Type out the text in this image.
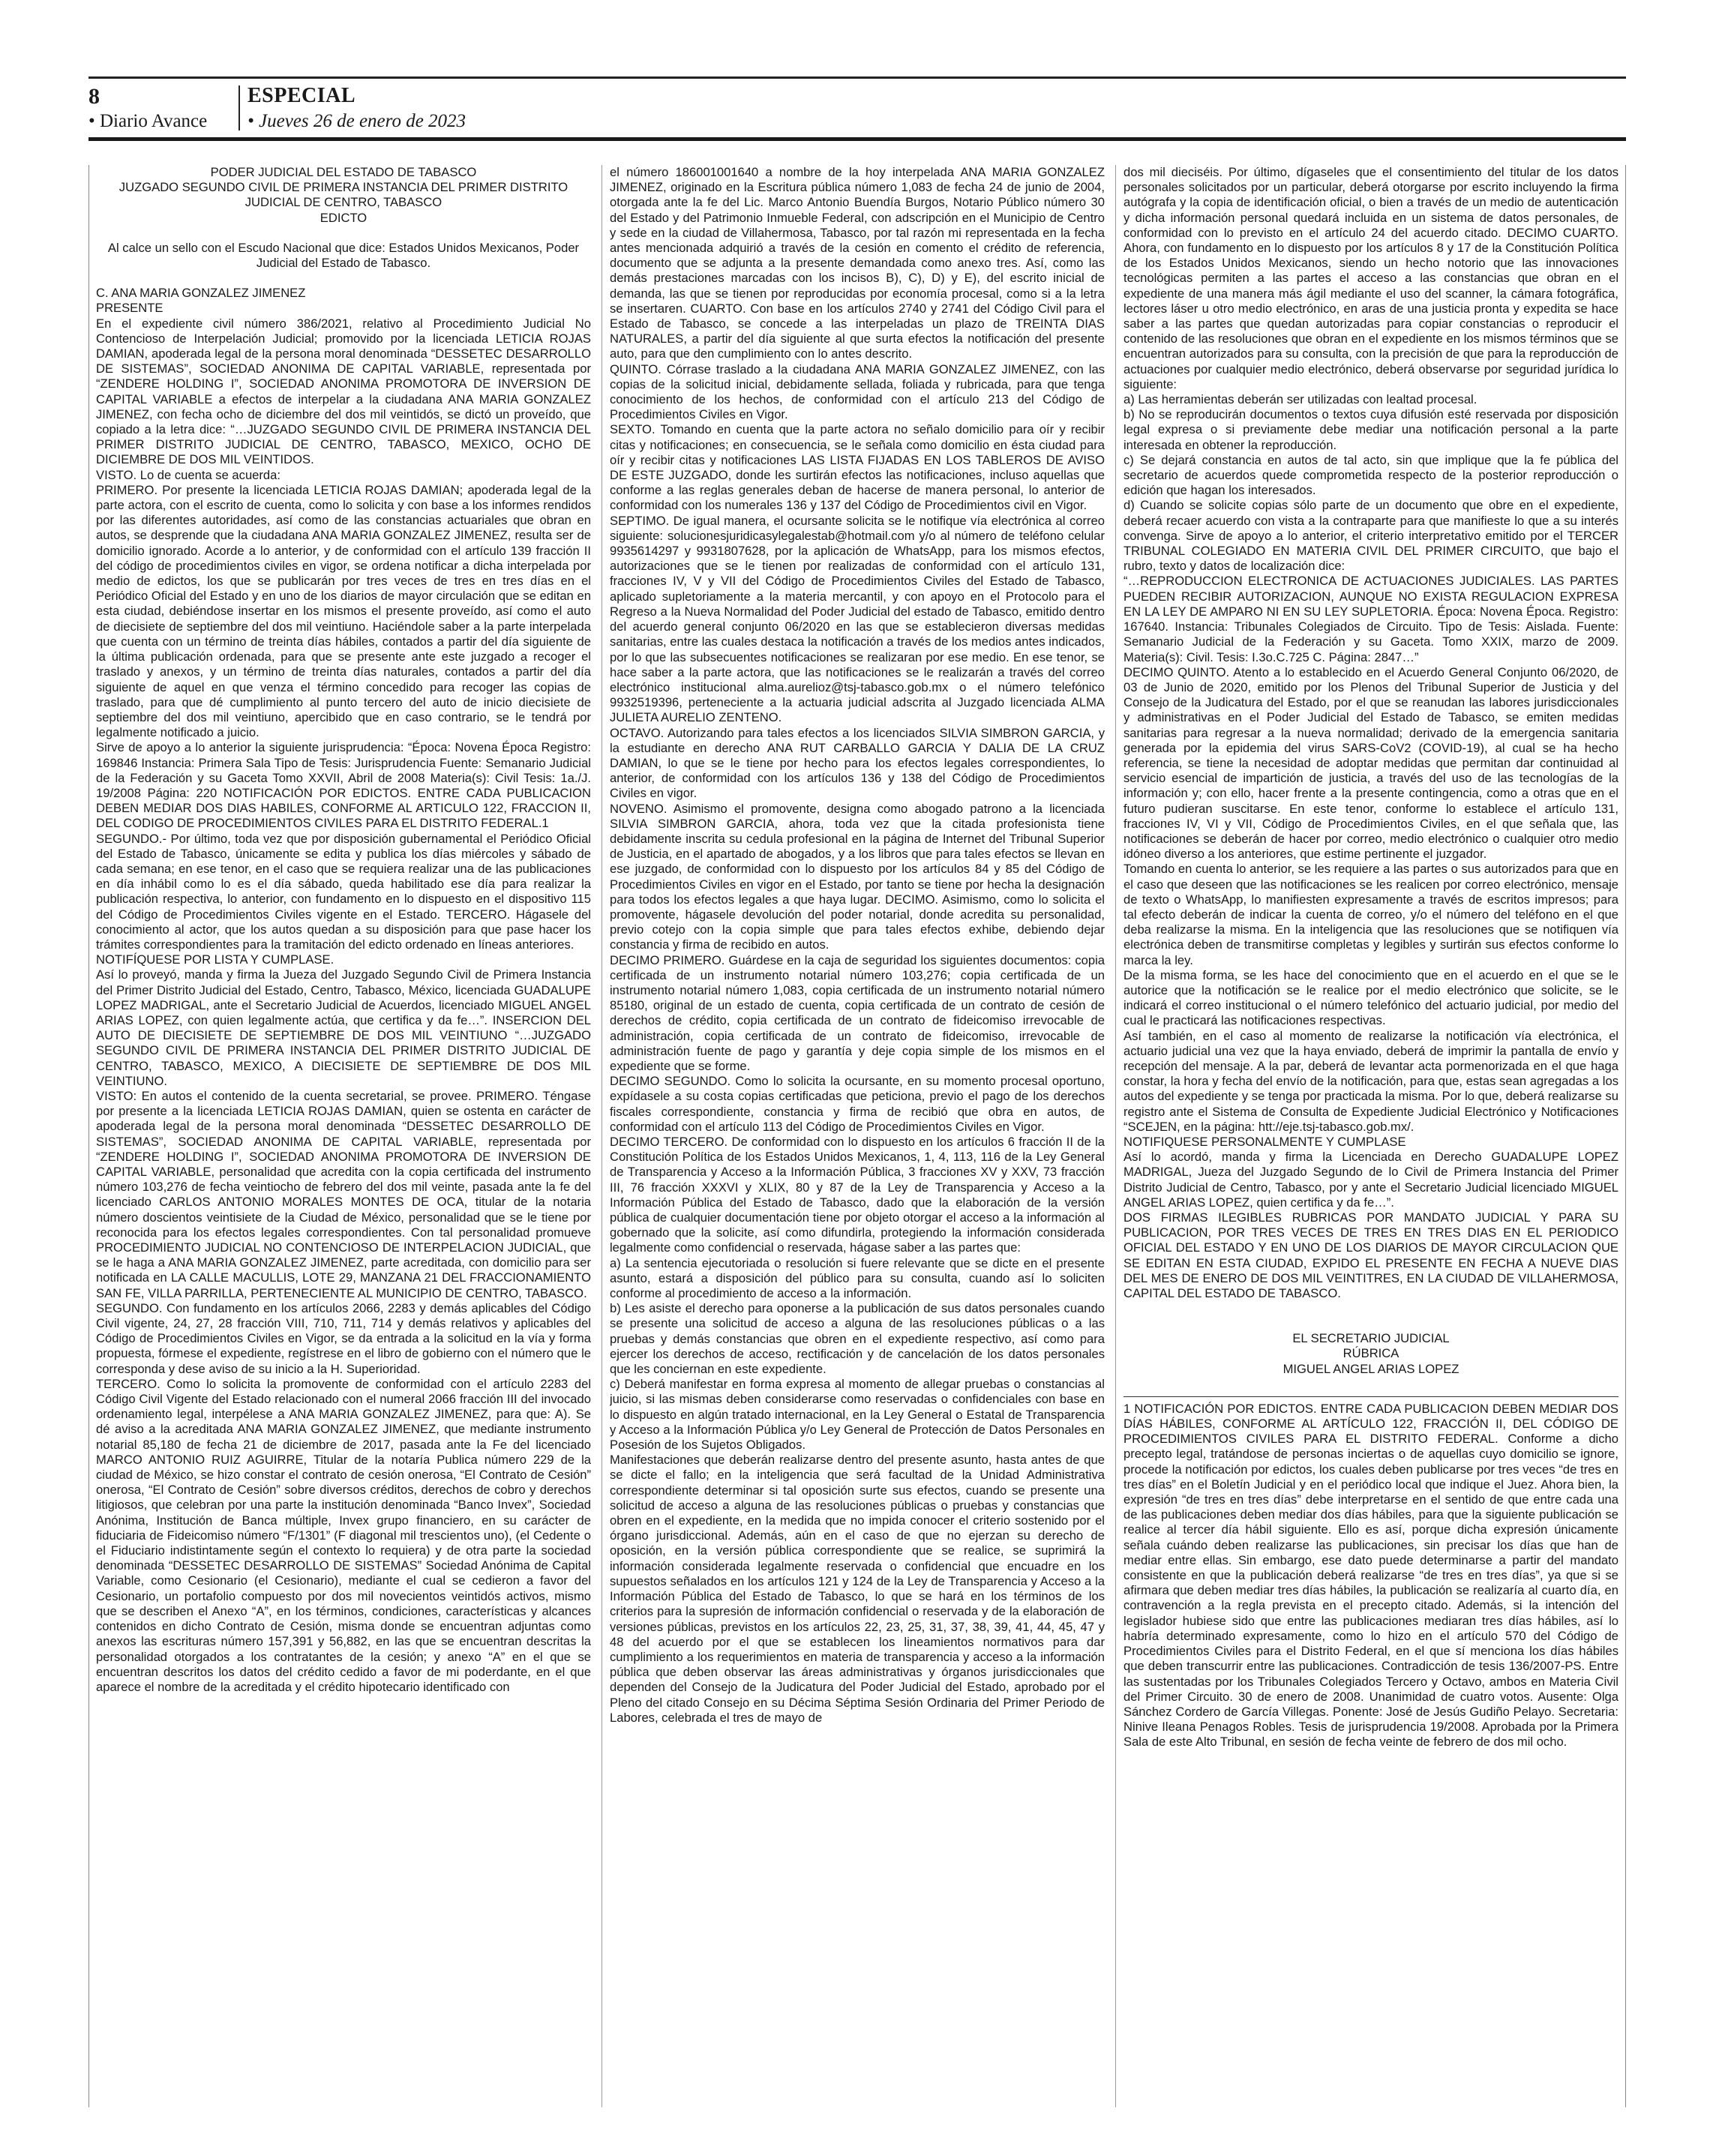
8
• Diario Avance
ESPECIAL
• Jueves 26 de enero de 2023

PODER JUDICIAL DEL ESTADO DE TABASCO

JUZGADO SEGUNDO CIVIL DE PRIMERA INSTANCIA DEL PRIMER DISTRITO JUDICIAL DE CENTRO, TABASCO

EDICTO

Al calce un sello con el Escudo Nacional que dice: Estados Unidos Mexicanos, Poder Judicial del Estado de Tabasco.

C. ANA MARIA GONZALEZ JIMENEZ

PRESENTE

En el expediente civil número 386/2021, relativo al Procedimiento Judicial No Contencioso de Interpelación Judicial; promovido por la licenciada LETICIA ROJAS DAMIAN, apoderada legal de la persona moral denominada “DESSETEC DESARROLLO DE SISTEMAS”, SOCIEDAD ANONIMA DE CAPITAL VARIABLE, representada por “ZENDERE HOLDING I”, SOCIEDAD ANONIMA PROMOTORA DE INVERSION DE CAPITAL VARIABLE a efectos de interpelar a la ciudadana ANA MARIA GONZALEZ JIMENEZ, con fecha ocho de diciembre del dos mil veintidós, se dictó un proveído, que copiado a la letra dice: “…JUZGADO SEGUNDO CIVIL DE PRIMERA INSTANCIA DEL PRIMER DISTRITO JUDICIAL DE CENTRO, TABASCO, MEXICO, OCHO DE DICIEMBRE DE DOS MIL VEINTIDOS.

VISTO. Lo de cuenta se acuerda:

PRIMERO. Por presente la licenciada LETICIA ROJAS DAMIAN; apoderada legal de la parte actora, con el escrito de cuenta, como lo solicita y con base a los informes rendidos por las diferentes autoridades, así como de las constancias actuariales que obran en autos, se desprende que la ciudadana ANA MARIA GONZALEZ JIMENEZ, resulta ser de domicilio ignorado. Acorde a lo anterior, y de conformidad con el artículo 139 fracción II del código de procedimientos civiles en vigor, se ordena notificar a dicha interpelada por medio de edictos, los que se publicarán por tres veces de tres en tres días en el Periódico Oficial del Estado y en uno de los diarios de mayor circulación que se editan en esta ciudad, debiéndose insertar en los mismos el presente proveído, así como el auto de diecisiete de septiembre del dos mil veintiuno. Haciéndole saber a la parte interpelada que cuenta con un término de treinta días hábiles, contados a partir del día siguiente de la última publicación ordenada, para que se presente ante este juzgado a recoger el traslado y anexos, y un término de treinta días naturales, contados a partir del día siguiente de aquel en que venza el término concedido para recoger las copias de traslado, para que dé cumplimiento al punto tercero del auto de inicio diecisiete de septiembre del dos mil veintiuno, apercibido que en caso contrario, se le tendrá por legalmente notificado a juicio.

Sirve de apoyo a lo anterior la siguiente jurisprudencia: “Época: Novena Época Registro: 169846 Instancia: Primera Sala Tipo de Tesis: Jurisprudencia Fuente: Semanario Judicial de la Federación y su Gaceta Tomo XXVII, Abril de 2008 Materia(s): Civil Tesis: 1a./J. 19/2008 Página: 220 NOTIFICACIÓN POR EDICTOS. ENTRE CADA PUBLICACION DEBEN MEDIAR DOS DIAS HABILES, CONFORME AL ARTICULO 122, FRACCION II, DEL CODIGO DE PROCEDIMIENTOS CIVILES PARA EL DISTRITO FEDERAL.1

SEGUNDO.- Por último, toda vez que por disposición gubernamental el Periódico Oficial del Estado de Tabasco, únicamente se edita y publica los días miércoles y sábado de cada semana; en ese tenor, en el caso que se requiera realizar una de las publicaciones en día inhábil como lo es el día sábado, queda habilitado ese día para realizar la publicación respectiva, lo anterior, con fundamento en lo dispuesto en el dispositivo 115 del Código de Procedimientos Civiles vigente en el Estado. TERCERO. Hágasele del conocimiento al actor, que los autos quedan a su disposición para que pase hacer los trámites correspondientes para la tramitación del edicto ordenado en líneas anteriores.

NOTIFÍQUESE POR LISTA Y CUMPLASE.

Así lo proveyó, manda y firma la Jueza del Juzgado Segundo Civil de Primera Instancia del Primer Distrito Judicial del Estado, Centro, Tabasco, México, licenciada GUADALUPE LOPEZ MADRIGAL, ante el Secretario Judicial de Acuerdos, licenciado MIGUEL ANGEL ARIAS LOPEZ, con quien legalmente actúa, que certifica y da fe…”. INSERCION DEL AUTO DE DIECISIETE DE SEPTIEMBRE DE DOS MIL VEINTIUNO “…JUZGADO SEGUNDO CIVIL DE PRIMERA INSTANCIA DEL PRIMER DISTRITO JUDICIAL DE CENTRO, TABASCO, MEXICO, A DIECISIETE DE SEPTIEMBRE DE DOS MIL VEINTIUNO.

VISTO: En autos el contenido de la cuenta secretarial, se provee. PRIMERO. Téngase por presente a la licenciada LETICIA ROJAS DAMIAN, quien se ostenta en carácter de apoderada legal de la persona moral denominada “DESSETEC DESARROLLO DE SISTEMAS”, SOCIEDAD ANONIMA DE CAPITAL VARIABLE, representada por “ZENDERE HOLDING I”, SOCIEDAD ANONIMA PROMOTORA DE INVERSION DE CAPITAL VARIABLE, personalidad que acredita con la copia certificada del instrumento número 103,276 de fecha veintiocho de febrero del dos mil veinte, pasada ante la fe del licenciado CARLOS ANTONIO MORALES MONTES DE OCA, titular de la notaria número doscientos veintisiete de la Ciudad de México, personalidad que se le tiene por reconocida para los efectos legales correspondientes. Con tal personalidad promueve PROCEDIMIENTO JUDICIAL NO CONTENCIOSO DE INTERPELACION JUDICIAL, que se le haga a ANA MARIA GONZALEZ JIMENEZ, parte acreditada, con domicilio para ser notificada en LA CALLE MACULLIS, LOTE 29, MANZANA 21 DEL FRACCIONAMIENTO SAN FE, VILLA PARRILLA, PERTENECIENTE AL MUNICIPIO DE CENTRO, TABASCO.

SEGUNDO. Con fundamento en los artículos 2066, 2283 y demás aplicables del Código Civil vigente, 24, 27, 28 fracción VIII, 710, 711, 714 y demás relativos y aplicables del Código de Procedimientos Civiles en Vigor, se da entrada a la solicitud en la vía y forma propuesta, fórmese el expediente, regístrese en el libro de gobierno con el número que le corresponda y dese aviso de su inicio a la H. Superioridad.

TERCERO. Como lo solicita la promovente de conformidad con el artículo 2283 del Código Civil Vigente del Estado relacionado con el numeral 2066 fracción III del invocado ordenamiento legal, interpélese a ANA MARIA GONZALEZ JIMENEZ, para que: A). Se dé aviso a la acreditada ANA MARIA GONZALEZ JIMENEZ, que mediante instrumento notarial 85,180 de fecha 21 de diciembre de 2017, pasada ante la Fe del licenciado MARCO ANTONIO RUIZ AGUIRRE, Titular de la notaría Publica número 229 de la ciudad de México, se hizo constar el contrato de cesión onerosa, “El Contrato de Cesión” onerosa, “El Contrato de Cesión” sobre diversos créditos, derechos de cobro y derechos litigiosos, que celebran por una parte la institución denominada “Banco Invex”, Sociedad Anónima, Institución de Banca múltiple, Invex grupo financiero, en su carácter de fiduciaria de Fideicomiso número “F/1301” (F diagonal mil trescientos uno), (el Cedente o el Fiduciario indistintamente según el contexto lo requiera) y de otra parte la sociedad denominada “DESSETEC DESARROLLO DE SISTEMAS” Sociedad Anónima de Capital Variable, como Cesionario (el Cesionario), mediante el cual se cedieron a favor del Cesionario, un portafolio compuesto por dos mil novecientos veintidós activos, mismo que se describen el Anexo “A”, en los términos, condiciones, características y alcances contenidos en dicho Contrato de Cesión, misma donde se encuentran adjuntas como anexos las escrituras número 157,391 y 56,882, en las que se encuentran descritas la personalidad otorgados a los contratantes de la cesión; y anexo “A” en el que se encuentran descritos los datos del crédito cedido a favor de mi poderdante, en el que aparece el nombre de la acreditada y el crédito hipotecario identificado con

el número 186001001640 a nombre de la hoy interpelada ANA MARIA GONZALEZ JIMENEZ, originado en la Escritura pública número 1,083 de fecha 24 de junio de 2004, otorgada ante la fe del Lic. Marco Antonio Buendía Burgos, Notario Público número 30 del Estado y del Patrimonio Inmueble Federal, con adscripción en el Municipio de Centro y sede en la ciudad de Villahermosa, Tabasco, por tal razón mi representada en la fecha antes mencionada adquirió a través de la cesión en comento el crédito de referencia, documento que se adjunta a la presente demandada como anexo tres. Así, como las demás prestaciones marcadas con los incisos B), C), D) y E), del escrito inicial de demanda, las que se tienen por reproducidas por economía procesal, como si a la letra se insertaren. CUARTO. Con base en los artículos 2740 y 2741 del Código Civil para el Estado de Tabasco, se concede a las interpeladas un plazo de TREINTA DIAS NATURALES, a partir del día siguiente al que surta efectos la notificación del presente auto, para que den cumplimiento con lo antes descrito.

QUINTO. Córrase traslado a la ciudadana ANA MARIA GONZALEZ JIMENEZ, con las copias de la solicitud inicial, debidamente sellada, foliada y rubricada, para que tenga conocimiento de los hechos, de conformidad con el artículo 213 del Código de Procedimientos Civiles en Vigor.

SEXTO. Tomando en cuenta que la parte actora no señalo domicilio para oír y recibir citas y notificaciones; en consecuencia, se le señala como domicilio en ésta ciudad para oír y recibir citas y notificaciones LAS LISTA FIJADAS EN LOS TABLEROS DE AVISO DE ESTE JUZGADO, donde les surtirán efectos las notificaciones, incluso aquellas que conforme a las reglas generales deban de hacerse de manera personal, lo anterior de conformidad con los numerales 136 y 137 del Código de Procedimientos civil en Vigor.

SEPTIMO. De igual manera, el ocursante solicita se le notifique vía electrónica al correo siguiente: solucionesjuridicasylegalestab@hotmail.com y/o al número de teléfono celular 9935614297 y 9931807628, por la aplicación de WhatsApp, para los mismos efectos, autorizaciones que se le tienen por realizadas de conformidad con el artículo 131, fracciones IV, V y VII del Código de Procedimientos Civiles del Estado de Tabasco, aplicado supletoriamente a la materia mercantil, y con apoyo en el Protocolo para el Regreso a la Nueva Normalidad del Poder Judicial del estado de Tabasco, emitido dentro del acuerdo general conjunto 06/2020 en las que se establecieron diversas medidas sanitarias, entre las cuales destaca la notificación a través de los medios antes indicados, por lo que las subsecuentes notificaciones se realizaran por ese medio. En ese tenor, se hace saber a la parte actora, que las notificaciones se le realizarán a través del correo electrónico institucional alma.aurelioz@tsj-tabasco.gob.mx o el número telefónico 9932519396, perteneciente a la actuaria judicial adscrita al Juzgado licenciada ALMA JULIETA AURELIO ZENTENO.

OCTAVO. Autorizando para tales efectos a los licenciados SILVIA SIMBRON GARCIA, y la estudiante en derecho ANA RUT CARBALLO GARCIA Y DALIA DE LA CRUZ DAMIAN, lo que se le tiene por hecho para los efectos legales correspondientes, lo anterior, de conformidad con los artículos 136 y 138 del Código de Procedimientos Civiles en vigor.

NOVENO. Asimismo el promovente, designa como abogado patrono a la licenciada SILVIA SIMBRON GARCIA, ahora, toda vez que la citada profesionista tiene debidamente inscrita su cedula profesional en la página de Internet del Tribunal Superior de Justicia, en el apartado de abogados, y a los libros que para tales efectos se llevan en ese juzgado, de conformidad con lo dispuesto por los artículos 84 y 85 del Código de Procedimientos Civiles en vigor en el Estado, por tanto se tiene por hecha la designación para todos los efectos legales a que haya lugar. DECIMO. Asimismo, como lo solicita el promovente, hágasele devolución del poder notarial, donde acredita su personalidad, previo cotejo con la copia simple que para tales efectos exhibe, debiendo dejar constancia y firma de recibido en autos.

DECIMO PRIMERO. Guárdese en la caja de seguridad los siguientes documentos: copia certificada de un instrumento notarial número 103,276; copia certificada de un instrumento notarial número 1,083, copia certificada de un instrumento notarial número 85180, original de un estado de cuenta, copia certificada de un contrato de cesión de derechos de crédito, copia certificada de un contrato de fideicomiso irrevocable de administración, copia certificada de un contrato de fideicomiso, irrevocable de administración fuente de pago y garantía y deje copia simple de los mismos en el expediente que se forme.

DECIMO SEGUNDO. Como lo solicita la ocursante, en su momento procesal oportuno, expídasele a su costa copias certificadas que peticiona, previo el pago de los derechos fiscales correspondiente, constancia y firma de recibió que obra en autos, de conformidad con el artículo 113 del Código de Procedimientos Civiles en Vigor.

DECIMO TERCERO. De conformidad con lo dispuesto en los artículos 6 fracción II de la Constitución Política de los Estados Unidos Mexicanos, 1, 4, 113, 116 de la Ley General de Transparencia y Acceso a la Información Pública, 3 fracciones XV y XXV, 73 fracción III, 76 fracción XXXVI y XLIX, 80 y 87 de la Ley de Transparencia y Acceso a la Información Pública del Estado de Tabasco, dado que la elaboración de la versión pública de cualquier documentación tiene por objeto otorgar el acceso a la información al gobernado que la solicite, así como difundirla, protegiendo la información considerada legalmente como confidencial o reservada, hágase saber a las partes que:

a) La sentencia ejecutoriada o resolución si fuere relevante que se dicte en el presente asunto, estará a disposición del público para su consulta, cuando así lo soliciten conforme al procedimiento de acceso a la información.

b) Les asiste el derecho para oponerse a la publicación de sus datos personales cuando se presente una solicitud de acceso a alguna de las resoluciones públicas o a las pruebas y demás constancias que obren en el expediente respectivo, así como para ejercer los derechos de acceso, rectificación y de cancelación de los datos personales que les conciernan en este expediente.

c) Deberá manifestar en forma expresa al momento de allegar pruebas o constancias al juicio, si las mismas deben considerarse como reservadas o confidenciales con base en lo dispuesto en algún tratado internacional, en la Ley General o Estatal de Transparencia y Acceso a la Información Pública y/o Ley General de Protección de Datos Personales en Posesión de los Sujetos Obligados.

Manifestaciones que deberán realizarse dentro del presente asunto, hasta antes de que se dicte el fallo; en la inteligencia que será facultad de la Unidad Administrativa correspondiente determinar si tal oposición surte sus efectos, cuando se presente una solicitud de acceso a alguna de las resoluciones públicas o pruebas y constancias que obren en el expediente, en la medida que no impida conocer el criterio sostenido por el órgano jurisdiccional. Además, aún en el caso de que no ejerzan su derecho de oposición, en la versión pública correspondiente que se realice, se suprimirá la información considerada legalmente reservada o confidencial que encuadre en los supuestos señalados en los artículos 121 y 124 de la Ley de Transparencia y Acceso a la Información Pública del Estado de Tabasco, lo que se hará en los términos de los criterios para la supresión de información confidencial o reservada y de la elaboración de versiones públicas, previstos en los artículos 22, 23, 25, 31, 37, 38, 39, 41, 44, 45, 47 y 48 del acuerdo por el que se establecen los lineamientos normativos para dar cumplimiento a los requerimientos en materia de transparencia y acceso a la información pública que deben observar las áreas administrativas y órganos jurisdiccionales que dependen del Consejo de la Judicatura del Poder Judicial del Estado, aprobado por el Pleno del citado Consejo en su Décima Séptima Sesión Ordinaria del Primer Periodo de Labores, celebrada el tres de mayo de

dos mil dieciséis. Por último, dígaseles que el consentimiento del titular de los datos personales solicitados por un particular, deberá otorgarse por escrito incluyendo la firma autógrafa y la copia de identificación oficial, o bien a través de un medio de autenticación y dicha información personal quedará incluida en un sistema de datos personales, de conformidad con lo previsto en el artículo 24 del acuerdo citado. DECIMO CUARTO. Ahora, con fundamento en lo dispuesto por los artículos 8 y 17 de la Constitución Política de los Estados Unidos Mexicanos, siendo un hecho notorio que las innovaciones tecnológicas permiten a las partes el acceso a las constancias que obran en el expediente de una manera más ágil mediante el uso del scanner, la cámara fotográfica, lectores láser u otro medio electrónico, en aras de una justicia pronta y expedita se hace saber a las partes que quedan autorizadas para copiar constancias o reproducir el contenido de las resoluciones que obran en el expediente en los mismos términos que se encuentran autorizados para su consulta, con la precisión de que para la reproducción de actuaciones por cualquier medio electrónico, deberá observarse por seguridad jurídica lo siguiente:

a) Las herramientas deberán ser utilizadas con lealtad procesal.

b) No se reproducirán documentos o textos cuya difusión esté reservada por disposición legal expresa o si previamente debe mediar una notificación personal a la parte interesada en obtener la reproducción.

c) Se dejará constancia en autos de tal acto, sin que implique que la fe pública del secretario de acuerdos quede comprometida respecto de la posterior reproducción o edición que hagan los interesados.

d) Cuando se solicite copias sólo parte de un documento que obre en el expediente, deberá recaer acuerdo con vista a la contraparte para que manifieste lo que a su interés convenga. Sirve de apoyo a lo anterior, el criterio interpretativo emitido por el TERCER TRIBUNAL COLEGIADO EN MATERIA CIVIL DEL PRIMER CIRCUITO, que bajo el rubro, texto y datos de localización dice:

“…REPRODUCCION ELECTRONICA DE ACTUACIONES JUDICIALES. LAS PARTES PUEDEN RECIBIR AUTORIZACION, AUNQUE NO EXISTA REGULACION EXPRESA EN LA LEY DE AMPARO NI EN SU LEY SUPLETORIA. Época: Novena Época. Registro: 167640. Instancia: Tribunales Colegiados de Circuito. Tipo de Tesis: Aislada. Fuente: Semanario Judicial de la Federación y su Gaceta. Tomo XXIX, marzo de 2009. Materia(s): Civil. Tesis: I.3o.C.725 C. Página: 2847…”

DECIMO QUINTO. Atento a lo establecido en el Acuerdo General Conjunto 06/2020, de 03 de Junio de 2020, emitido por los Plenos del Tribunal Superior de Justicia y del Consejo de la Judicatura del Estado, por el que se reanudan las labores jurisdiccionales y administrativas en el Poder Judicial del Estado de Tabasco, se emiten medidas sanitarias para regresar a la nueva normalidad; derivado de la emergencia sanitaria generada por la epidemia del virus SARS-CoV2 (COVID-19), al cual se ha hecho referencia, se tiene la necesidad de adoptar medidas que permitan dar continuidad al servicio esencial de impartición de justicia, a través del uso de las tecnologías de la información y; con ello, hacer frente a la presente contingencia, como a otras que en el futuro pudieran suscitarse. En este tenor, conforme lo establece el artículo 131, fracciones IV, VI y VII, Código de Procedimientos Civiles, en el que señala que, las notificaciones se deberán de hacer por correo, medio electrónico o cualquier otro medio idóneo diverso a los anteriores, que estime pertinente el juzgador.

Tomando en cuenta lo anterior, se les requiere a las partes o sus autorizados para que en el caso que deseen que las notificaciones se les realicen por correo electrónico, mensaje de texto o WhatsApp, lo manifiesten expresamente a través de escritos impresos; para tal efecto deberán de indicar la cuenta de correo, y/o el número del teléfono en el que deba realizarse la misma. En la inteligencia que las resoluciones que se notifiquen vía electrónica deben de transmitirse completas y legibles y surtirán sus efectos conforme lo marca la ley.

De la misma forma, se les hace del conocimiento que en el acuerdo en el que se le autorice que la notificación se le realice por el medio electrónico que solicite, se le indicará el correo institucional o el número telefónico del actuario judicial, por medio del cual le practicará las notificaciones respectivas.

Así también, en el caso al momento de realizarse la notificación vía electrónica, el actuario judicial una vez que la haya enviado, deberá de imprimir la pantalla de envío y recepción del mensaje. A la par, deberá de levantar acta pormenorizada en el que haga constar, la hora y fecha del envío de la notificación, para que, estas sean agregadas a los autos del expediente y se tenga por practicada la misma. Por lo que, deberá realizarse su registro ante el Sistema de Consulta de Expediente Judicial Electrónico y Notificaciones “SCEJEN, en la página: htt://eje.tsj-tabasco.gob.mx/.

NOTIFIQUESE PERSONALMENTE Y CUMPLASE

Así lo acordó, manda y firma la Licenciada en Derecho GUADALUPE LOPEZ MADRIGAL, Jueza del Juzgado Segundo de lo Civil de Primera Instancia del Primer Distrito Judicial de Centro, Tabasco, por y ante el Secretario Judicial licenciado MIGUEL ANGEL ARIAS LOPEZ, quien certifica y da fe…”.

DOS FIRMAS ILEGIBLES RUBRICAS POR MANDATO JUDICIAL Y PARA SU PUBLICACION, POR TRES VECES DE TRES EN TRES DIAS EN EL PERIODICO OFICIAL DEL ESTADO Y EN UNO DE LOS DIARIOS DE MAYOR CIRCULACION QUE SE EDITAN EN ESTA CIUDAD, EXPIDO EL PRESENTE EN FECHA A NUEVE DIAS DEL MES DE ENERO DE DOS MIL VEINTITRES, EN LA CIUDAD DE VILLAHERMOSA, CAPITAL DEL ESTADO DE TABASCO.

EL SECRETARIO JUDICIAL

RÚBRICA

MIGUEL ANGEL ARIAS LOPEZ

1 NOTIFICACIÓN POR EDICTOS. ENTRE CADA PUBLICACION DEBEN MEDIAR DOS DÍAS HÁBILES, CONFORME AL ARTÍCULO 122, FRACCIÓN II, DEL CÓDIGO DE PROCEDIMIENTOS CIVILES PARA EL DISTRITO FEDERAL. Conforme a dicho precepto legal, tratándose de personas inciertas o de aquellas cuyo domicilio se ignore, procede la notificación por edictos, los cuales deben publicarse por tres veces “de tres en tres días” en el Boletín Judicial y en el periódico local que indique el Juez. Ahora bien, la expresión “de tres en tres días” debe interpretarse en el sentido de que entre cada una de las publicaciones deben mediar dos días hábiles, para que la siguiente publicación se realice al tercer día hábil siguiente. Ello es así, porque dicha expresión únicamente señala cuándo deben realizarse las publicaciones, sin precisar los días que han de mediar entre ellas. Sin embargo, ese dato puede determinarse a partir del mandato consistente en que la publicación deberá realizarse “de tres en tres días”, ya que si se afirmara que deben mediar tres días hábiles, la publicación se realizaría al cuarto día, en contravención a la regla prevista en el precepto citado. Además, si la intención del legislador hubiese sido que entre las publicaciones mediaran tres días hábiles, así lo habría determinado expresamente, como lo hizo en el artículo 570 del Código de Procedimientos Civiles para el Distrito Federal, en el que sí menciona los días hábiles que deben transcurrir entre las publicaciones. Contradicción de tesis 136/2007-PS. Entre las sustentadas por los Tribunales Colegiados Tercero y Octavo, ambos en Materia Civil del Primer Circuito. 30 de enero de 2008. Unanimidad de cuatro votos. Ausente: Olga Sánchez Cordero de García Villegas. Ponente: José de Jesús Gudiño Pelayo. Secretaria: Ninive Ileana Penagos Robles. Tesis de jurisprudencia 19/2008. Aprobada por la Primera Sala de este Alto Tribunal, en sesión de fecha veinte de febrero de dos mil ocho.
